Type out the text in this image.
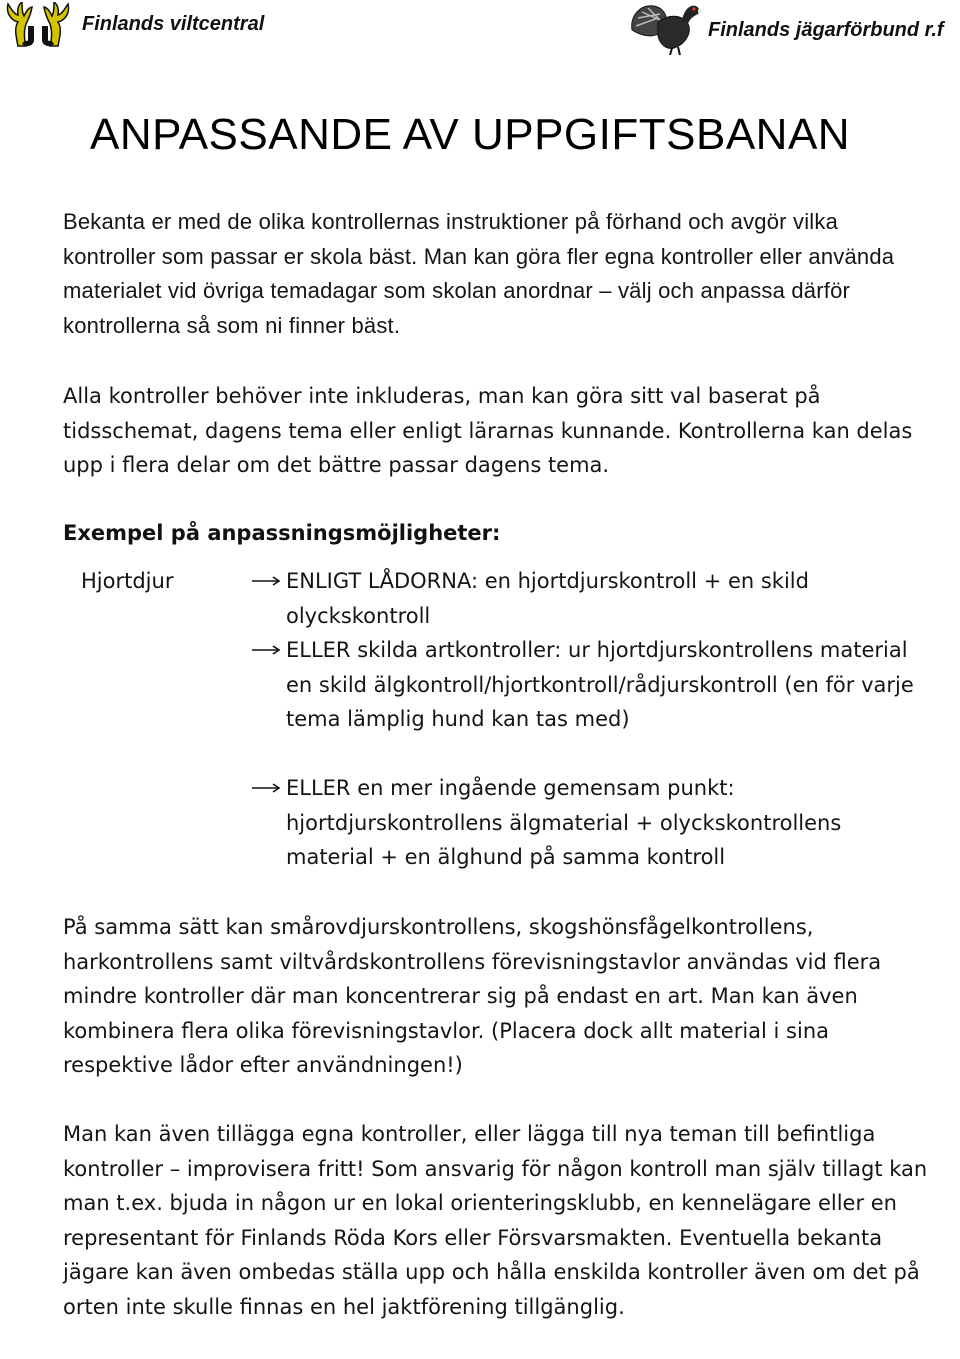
Finlands viltcentral	Finlands jägarförbund r.f
ANPASSANDE AV UPPGIFTSBANAN

Bekanta er med de olika kontrollernas instruktioner på förhand och avgör vilka kontroller som passar er skola bäst. Man kan göra fler egna kontroller eller använda materialet vid övriga temadagar som skolan anordnar – välj och anpassa därför kontrollerna så som ni finner bäst.

Alla kontroller behöver inte inkluderas, man kan göra sitt val baserat på tidsschemat, dagens tema eller enligt lärarnas kunnande. Kontrollerna kan delas upp i flera delar om det bättre passar dagens tema.

Exempel på anpassningsmöjligheter:

Hjortdjur	ENLIGT LÅDORNA: en hjortdjurskontroll + en skild olyckskontroll
ELLER skilda artkontroller: ur hjortdjurskontrollens material en skild älgkontroll/hjortkontroll/rådjurskontroll (en för varje tema lämplig hund kan tas med)
ELLER en mer ingående gemensam punkt: hjortdjurskontrollens älgmaterial + olyckskontrollens material + en älghund på samma kontroll

På samma sätt kan smårovdjurskontrollens, skogshönsfågelkontrollens, harkontrollens samt viltvårdskontrollens förevisningstavlor användas vid flera mindre kontroller där man koncentrerar sig på endast en art. Man kan även kombinera flera olika förevisningstavlor. (Placera dock allt material i sina respektive lådor efter användningen!)

Man kan även tillägga egna kontroller, eller lägga till nya teman till befintliga kontroller – improvisera fritt! Som ansvarig för någon kontroll man själv tillagt kan man t.ex. bjuda in någon ur en lokal orienteringsklubb, en kennelägare eller en representant för Finlands Röda Kors eller Försvarsmakten. Eventuella bekanta jägare kan även ombedas ställa upp och hålla enskilda kontroller även om det på orten inte skulle finnas en hel jaktförening tillgänglig.
